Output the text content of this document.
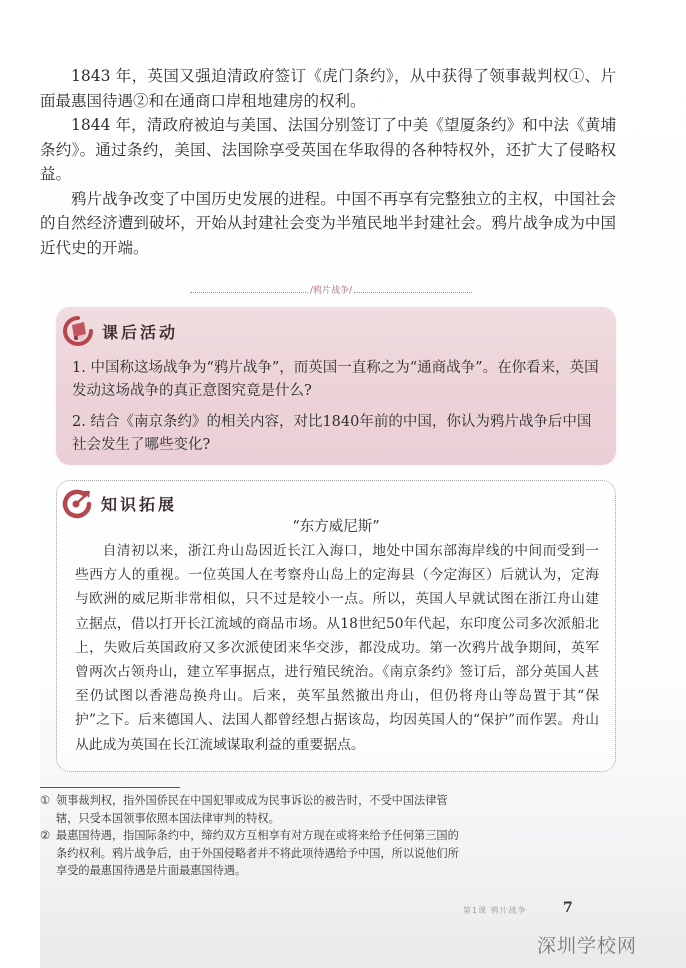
1843 年，英国又强迫清政府签订《虎门条约》，从中获得了领事裁判权①、片面最惠国待遇②和在通商口岸租地建房的权利。

1844 年，清政府被迫与美国、法国分别签订了中美《望厦条约》和中法《黄埔条约》。通过条约，美国、法国除享受英国在华取得的各种特权外，还扩大了侵略权益。

鸦片战争改变了中国历史发展的进程。中国不再享有完整独立的主权，中国社会的自然经济遭到破坏，开始从封建社会变为半殖民地半封建社会。鸦片战争成为中国近代史的开端。

/鸦片战争/
课后活动
1. 中国称这场战争为“鸦片战争”，而英国一直称之为“通商战争”。在你看来，英国发动这场战争的真正意图究竟是什么?
2. 结合《南京条约》的相关内容，对比1840年前的中国，你认为鸦片战争后中国社会发生了哪些变化?
知识拓展
“东方威尼斯”
自清初以来，浙江舟山岛因近长江入海口，地处中国东部海岸线的中间而受到一些西方人的重视。一位英国人在考察舟山岛上的定海县（今定海区）后就认为，定海与欧洲的威尼斯非常相似，只不过是较小一点。所以，英国人早就试图在浙江舟山建立据点，借以打开长江流域的商品市场。从18世纪50年代起，东印度公司多次派船北上，失败后英国政府又多次派使团来华交涉，都没成功。第一次鸦片战争期间，英军曾两次占领舟山，建立军事据点，进行殖民统治。《南京条约》签订后，部分英国人甚至仍试图以香港岛换舟山。后来，英军虽然撤出舟山，但仍将舟山等岛置于其“保护”之下。后来德国人、法国人都曾经想占据该岛，均因英国人的“保护”而作罢。舟山从此成为英国在长江流域谋取利益的重要据点。
① 领事裁判权，指外国侨民在中国犯罪或成为民事诉讼的被告时，不受中国法律管辖，只受本国领事依照本国法律审判的特权。
② 最惠国待遇，指国际条约中，缔约双方互相享有对方现在或将来给予任何第三国的条约权利。鸦片战争后，由于外国侵略者并不将此项待遇给予中国，所以说他们所享受的最惠国待遇是片面最惠国待遇。
第1课 鸦片战争	7
深圳学校网
